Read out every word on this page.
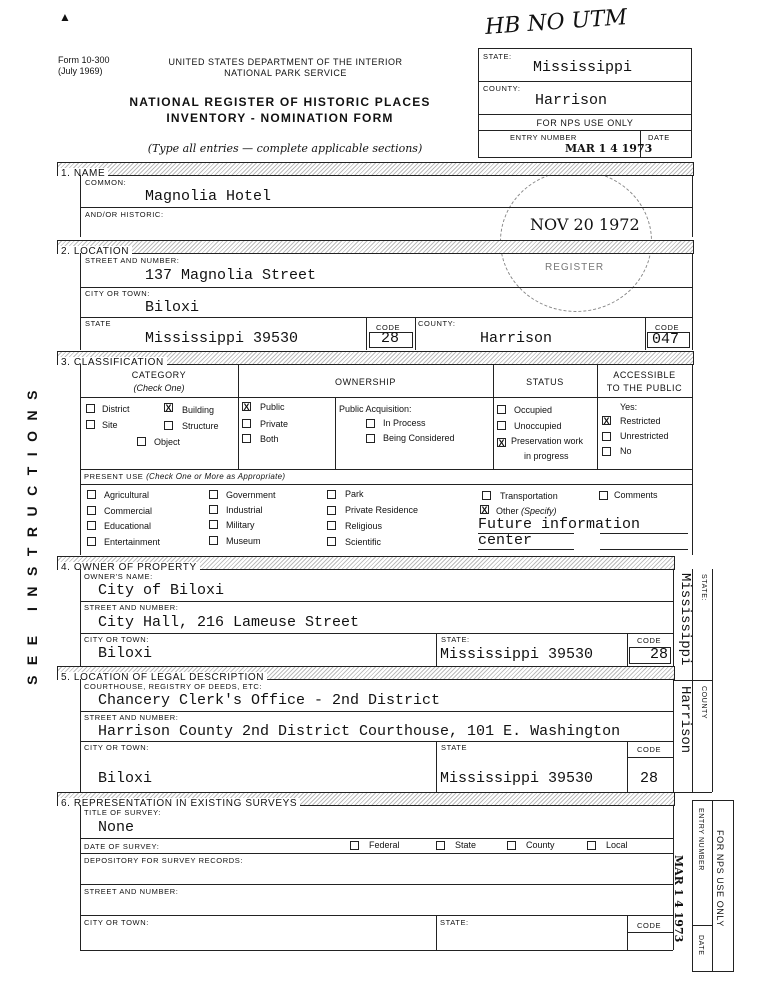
▲	HB NO UTM
Form 10-300
(July 1969)
UNITED STATES DEPARTMENT OF THE INTERIOR
NATIONAL PARK SERVICE
NATIONAL REGISTER OF HISTORIC PLACES
INVENTORY - NOMINATION FORM
(Type all entries — complete applicable sections)
STATE:
Mississippi
COUNTY:
Harrison
FOR NPS USE ONLY
ENTRY NUMBER	DATE
MAR 1 4 1973
NOV 20 1972
REGISTER
SEE INSTRUCTIONS
1. NAME
COMMON:
Magnolia Hotel
AND/OR HISTORIC:
2. LOCATION
STREET AND NUMBER:
137 Magnolia Street
CITY OR TOWN:
Biloxi
STATE
Mississippi 39530
CODE
28
COUNTY:
Harrison
CODE
047
3. CLASSIFICATION
CATEGORY
(Check One)
OWNERSHIP	STATUS
ACCESSIBLE
TO THE PUBLIC
District	X Building
Site	Structure
Object
X Public
Private
Both
Public Acquisition:
In Process
Being Considered
Occupied
Unoccupied
X Preservation work
in progress
Yes:
X Restricted
Unrestricted
No
PRESENT USE (Check One or More as Appropriate)
Agricultural
Commercial
Educational
Entertainment
Government
Industrial
Military
Museum
Park
Private Residence
Religious
Scientific
Transportation
X Other (Specify)
Comments
Future information
center
4. OWNER OF PROPERTY
OWNER'S NAME:
City of Biloxi
STREET AND NUMBER:
City Hall, 216 Lameuse Street
CITY OR TOWN:
Biloxi
STATE:
Mississippi 39530
CODE
28
5. LOCATION OF LEGAL DESCRIPTION
COURTHOUSE, REGISTRY OF DEEDS, ETC:
Chancery Clerk's Office - 2nd District
STREET AND NUMBER:
Harrison County 2nd District Courthouse, 101 E. Washington
CITY OR TOWN:
Biloxi
STATE
Mississippi 39530
CODE
28
6. REPRESENTATION IN EXISTING SURVEYS
TITLE OF SURVEY:
None
DATE OF SURVEY:	Federal	State	County	Local
DEPOSITORY FOR SURVEY RECORDS:
STREET AND NUMBER:
CITY OR TOWN:	STATE:	CODE
STATE:
Mississippi
COUNTY
Harrison
FOR NPS USE ONLY
ENTRY NUMBER
DATE
MAR 1 4 1973
